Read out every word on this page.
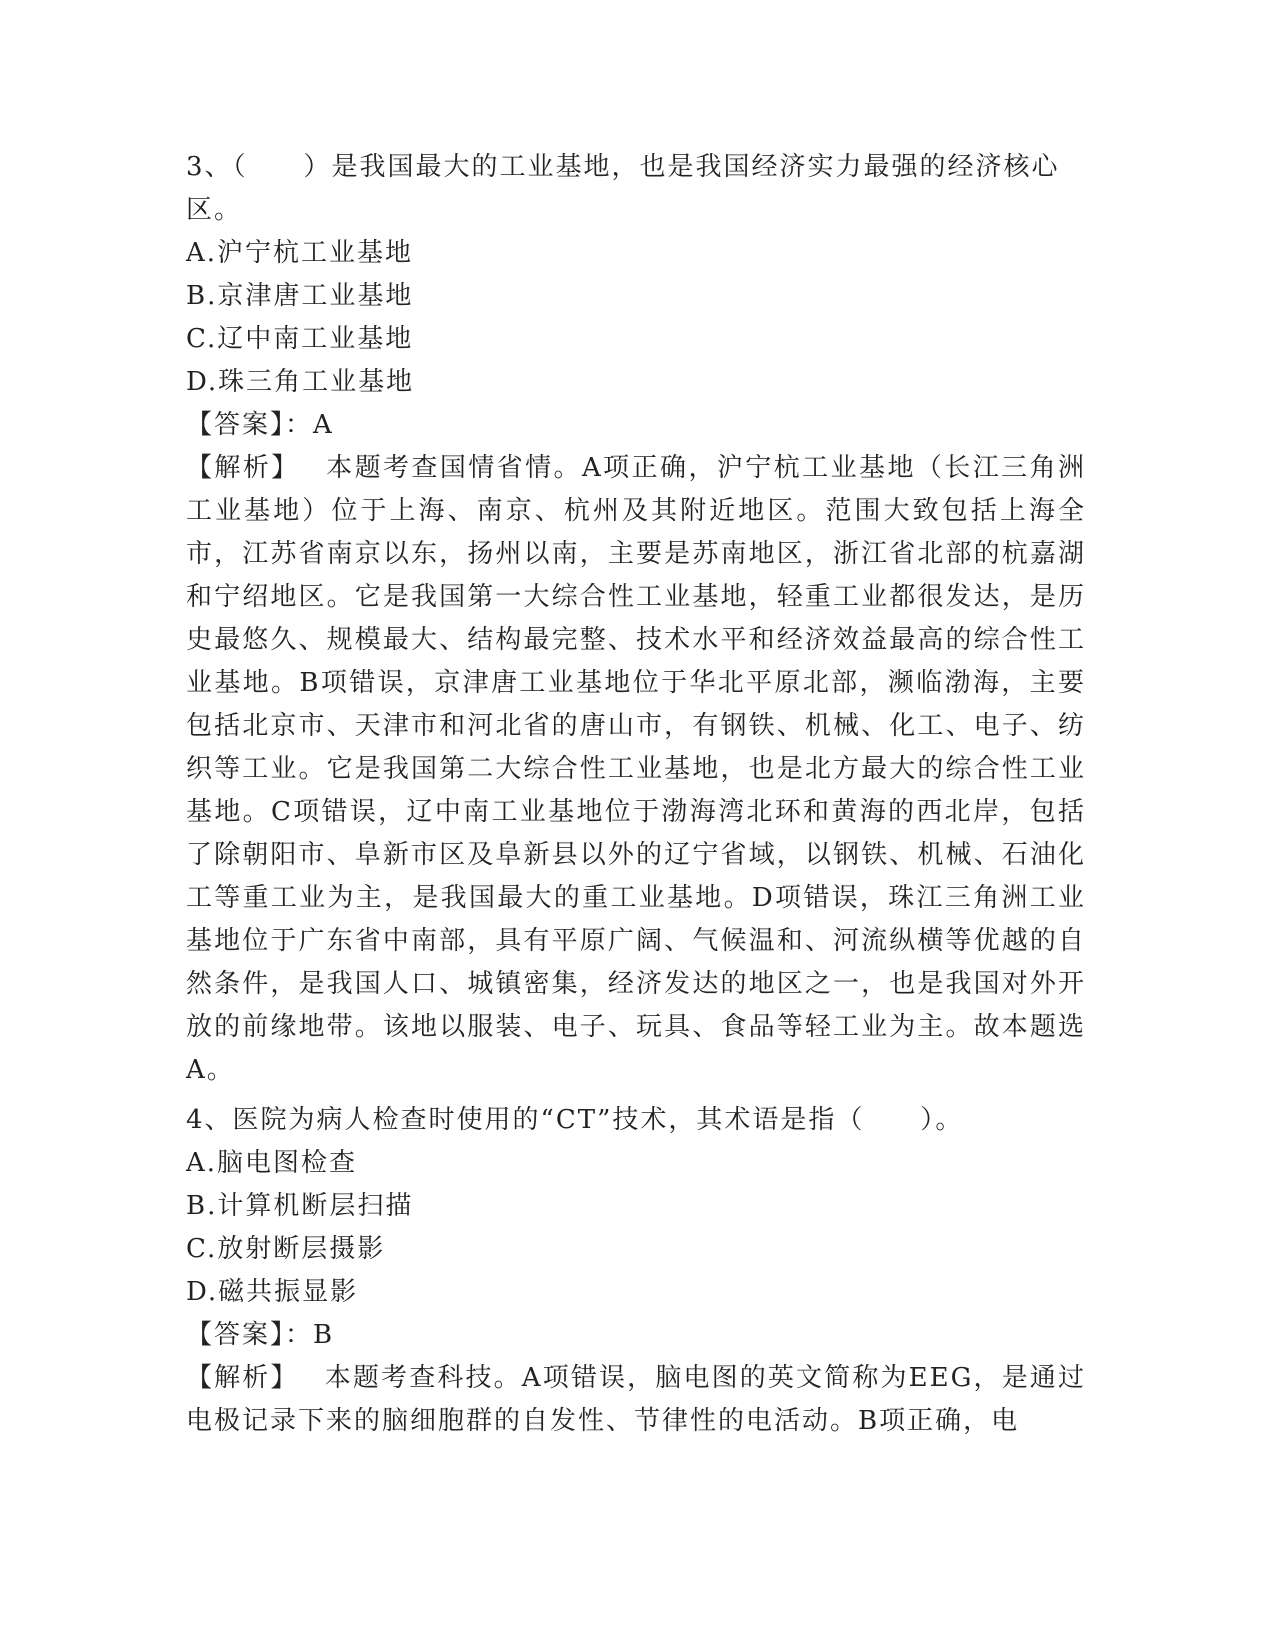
3、（　　）是我国最大的工业基地，也是我国经济实力最强的经济核心区。

A.沪宁杭工业基地

B.京津唐工业基地

C.辽中南工业基地

D.珠三角工业基地

【答案】：A

【解析】 本题考查国情省情。A项正确，沪宁杭工业基地（长江三角洲工业基地）位于上海、南京、杭州及其附近地区。范围大致包括上海全市，江苏省南京以东，扬州以南，主要是苏南地区，浙江省北部的杭嘉湖和宁绍地区。它是我国第一大综合性工业基地，轻重工业都很发达，是历史最悠久、规模最大、结构最完整、技术水平和经济效益最高的综合性工业基地。B项错误，京津唐工业基地位于华北平原北部，濒临渤海，主要包括北京市、天津市和河北省的唐山市，有钢铁、机械、化工、电子、纺织等工业。它是我国第二大综合性工业基地，也是北方最大的综合性工业基地。C项错误，辽中南工业基地位于渤海湾北环和黄海的西北岸，包括了除朝阳市、阜新市区及阜新县以外的辽宁省域，以钢铁、机械、石油化工等重工业为主，是我国最大的重工业基地。D项错误，珠江三角洲工业基地位于广东省中南部，具有平原广阔、气候温和、河流纵横等优越的自然条件，是我国人口、城镇密集，经济发达的地区之一，也是我国对外开放的前缘地带。该地以服装、电子、玩具、食品等轻工业为主。故本题选A。

4、医院为病人检查时使用的“CT”技术，其术语是指（　　）。

A.脑电图检查

B.计算机断层扫描

C.放射断层摄影

D.磁共振显影

【答案】：B

【解析】 本题考查科技。A项错误，脑电图的英文简称为EEG，是通过电极记录下来的脑细胞群的自发性、节律性的电活动。B项正确，电
